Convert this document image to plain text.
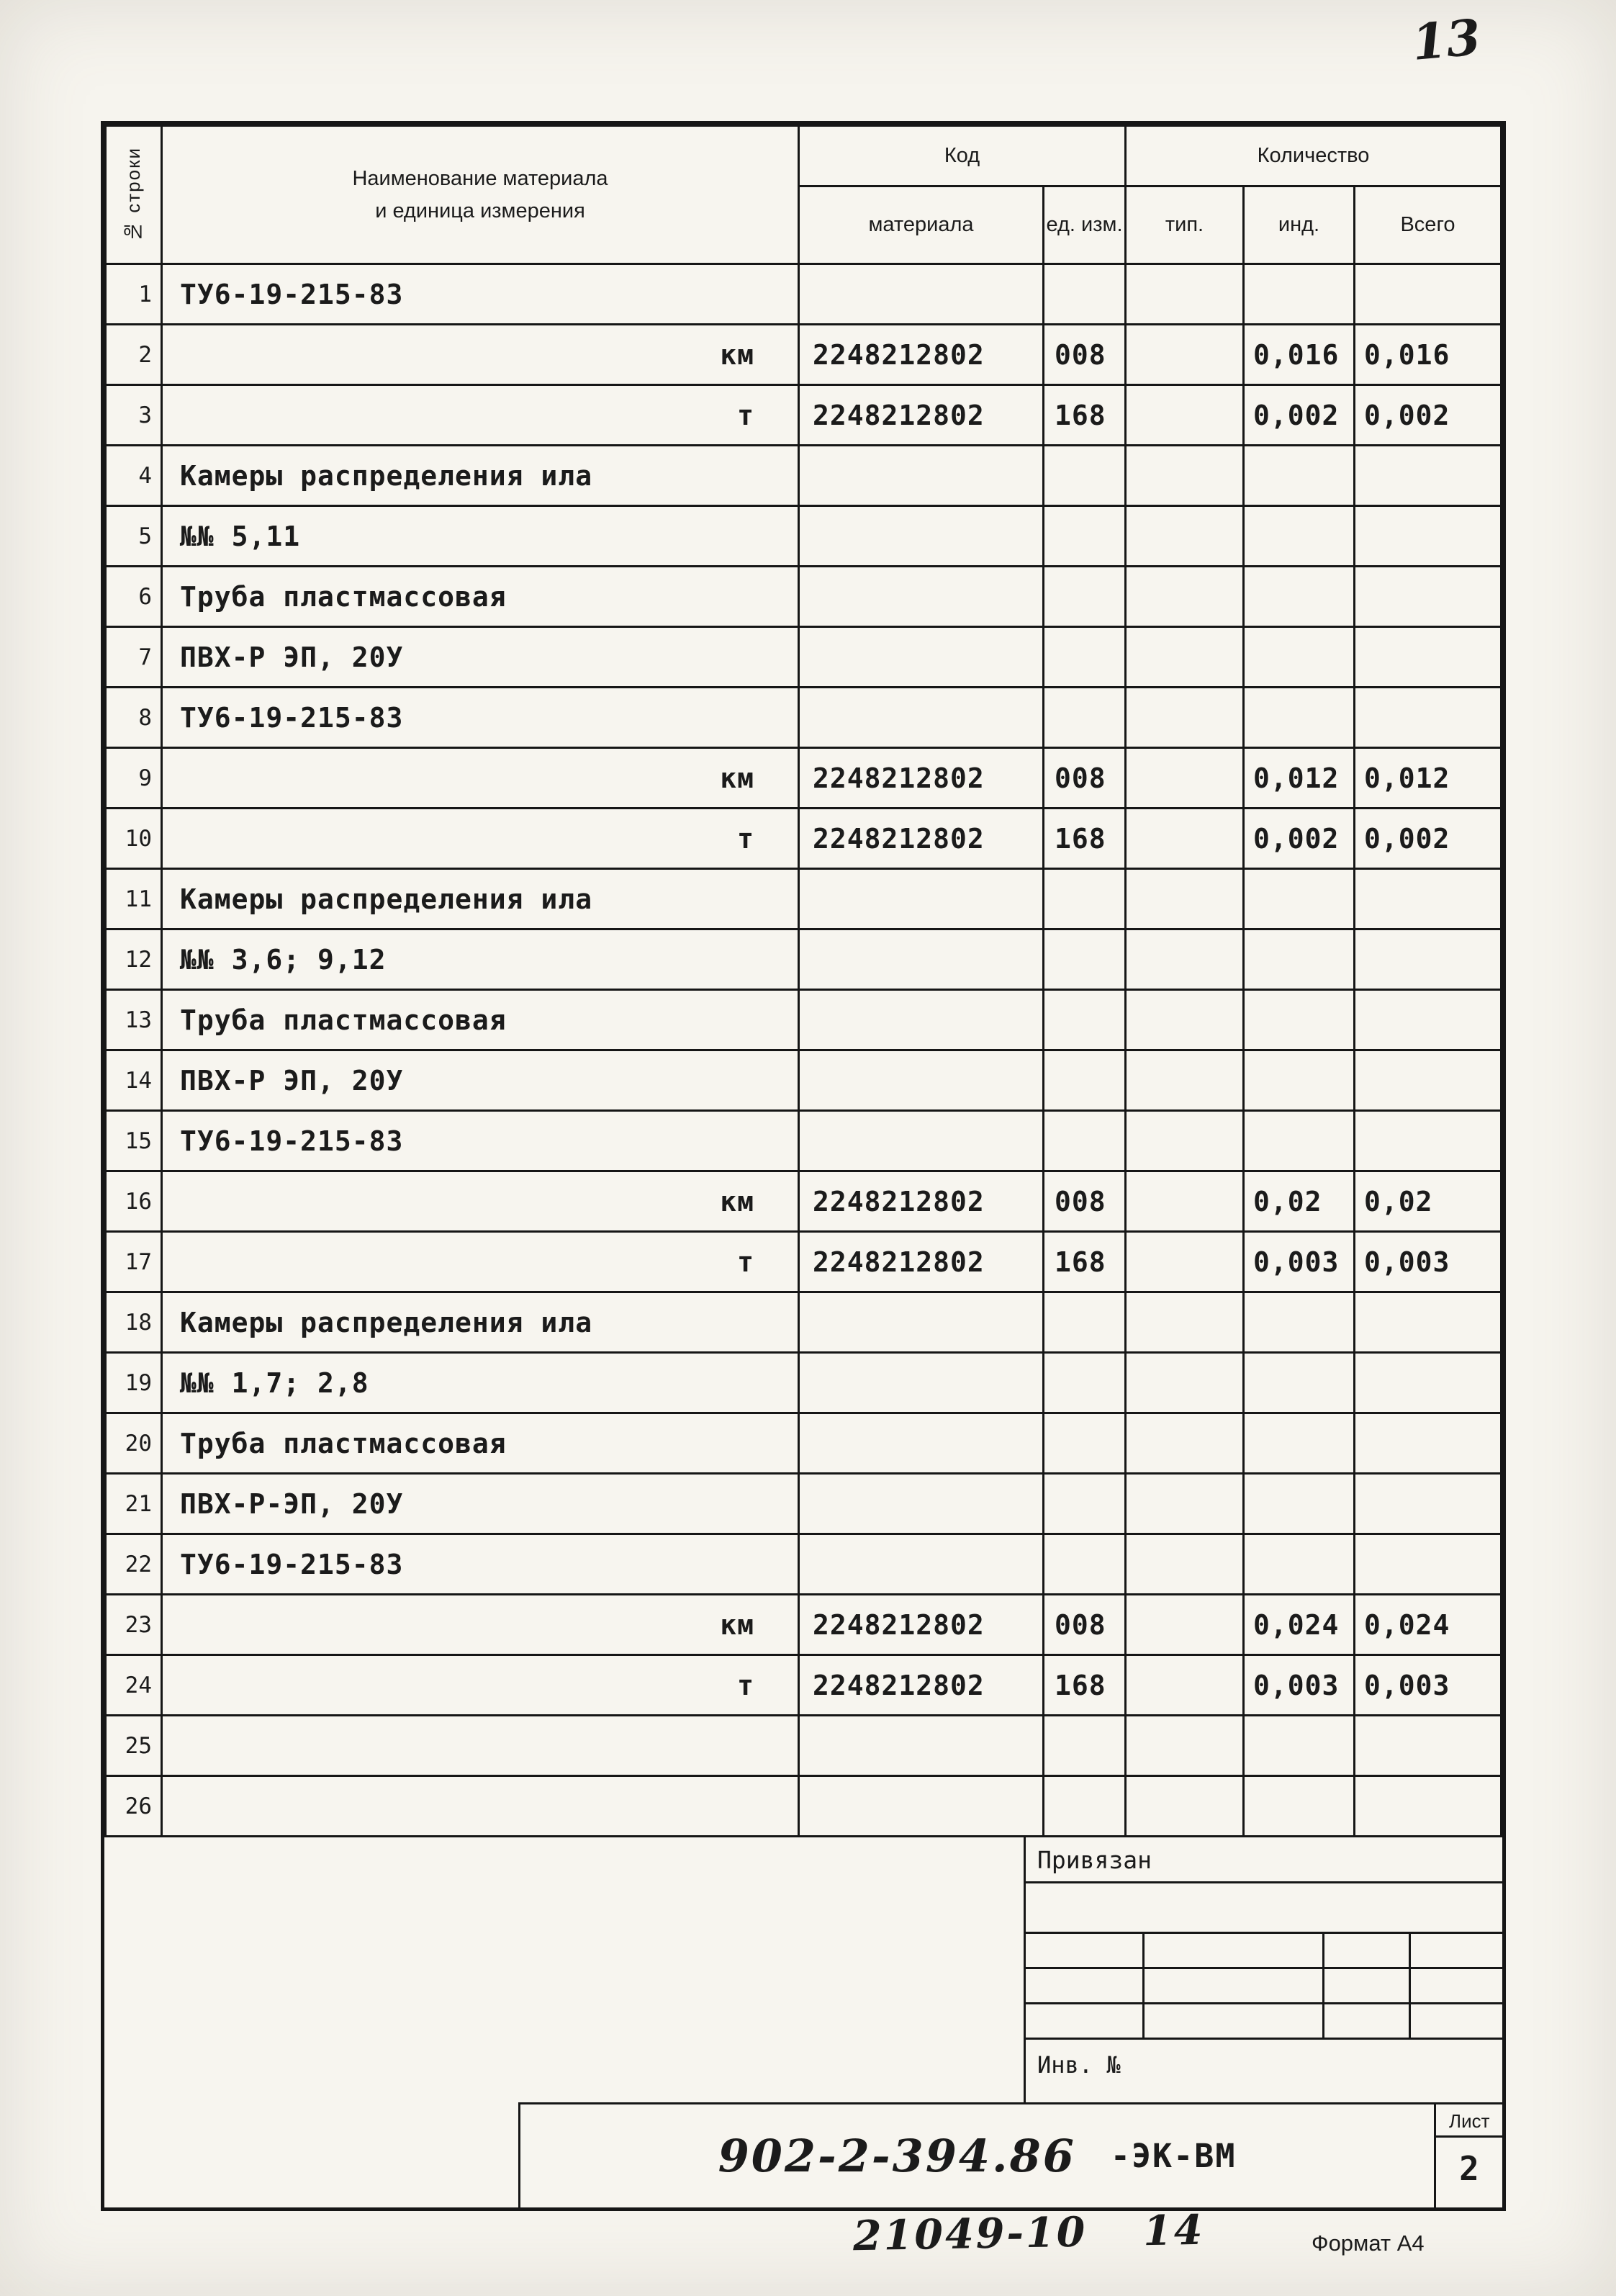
13
№ строки	Наименование материала
и единица измерения	Код		Количество		
		материала	ед. изм.	тип.	инд.	Всего
1	ТУ6-19-215-83					
2	км	2248212802	008		0,016	0,016
3	т	2248212802	168		0,002	0,002
4	Камеры распределения ила					
5	№№ 5,11					
6	Труба пластмассовая					
7	ПВХ-Р ЭП, 20У					
8	ТУ6-19-215-83					
9	км	2248212802	008		0,012	0,012
10	т	2248212802	168		0,002	0,002
11	Камеры распределения ила					
12	№№ 3,6; 9,12					
13	Труба пластмассовая					
14	ПВХ-Р ЭП, 20У					
15	ТУ6-19-215-83					
16	км	2248212802	008		0,02	0,02
17	т	2248212802	168		0,003	0,003
18	Камеры распределения ила					
19	№№ 1,7; 2,8					
20	Труба пластмассовая					
21	ПВХ-Р-ЭП, 20У					
22	ТУ6-19-215-83					
23	км	2248212802	008		0,024	0,024
24	т	2248212802	168		0,003	0,003
25						
26						
Привязан
Инв. №
902-2-394.86 -ЭК-ВМ
Лист
2
21049-10 14	Формат А4
